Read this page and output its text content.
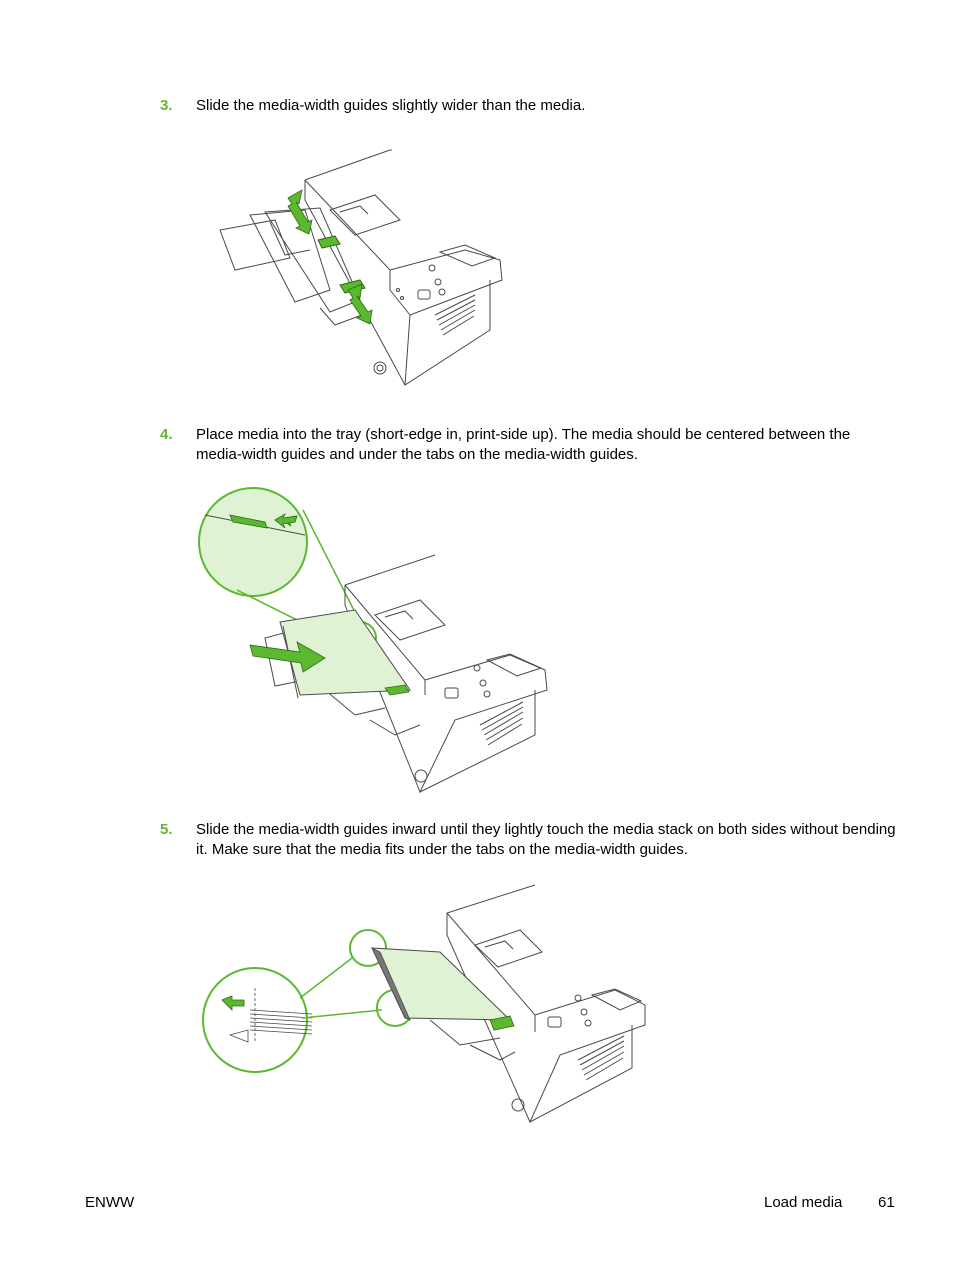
3. Slide the media-width guides slightly wider than the media.
4. Place media into the tray (short-edge in, print-side up). The media should be centered between the media-width guides and under the tabs on the media-width guides.
5. Slide the media-width guides inward until they lightly touch the media stack on both sides without bending it. Make sure that the media fits under the tabs on the media-width guides.
ENWW	Load media 61
